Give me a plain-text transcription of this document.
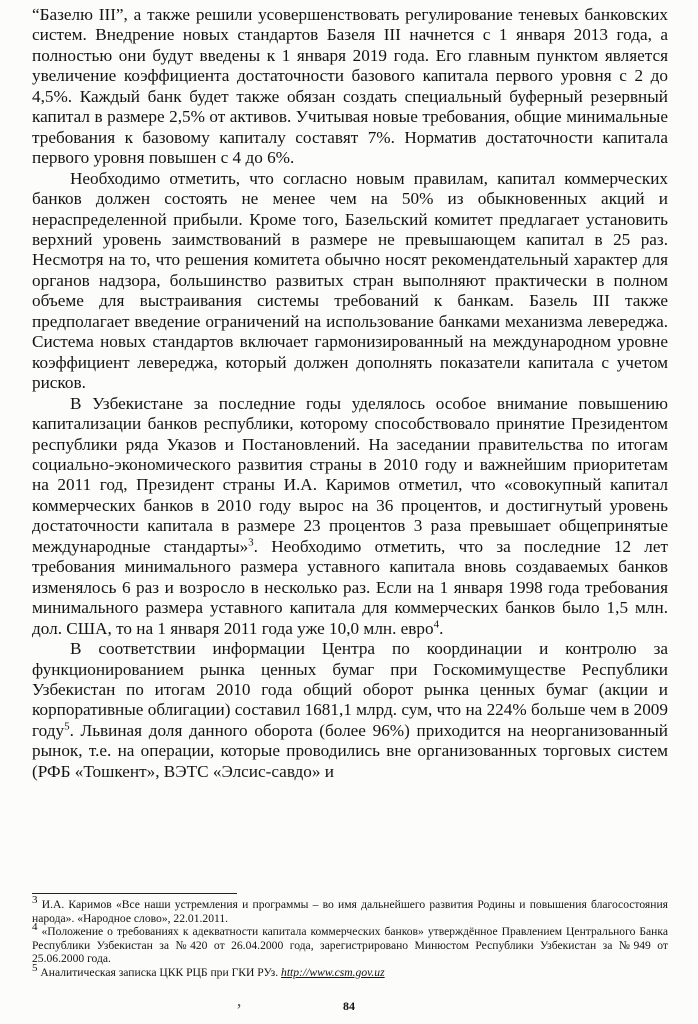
“Базелю III”, а также решили усовершенствовать регулирование теневых банковских систем. Внедрение новых стандартов Базеля III начнется с 1 января 2013 года, а полностью они будут введены к 1 января 2019 года. Его главным пунктом является увеличение коэффициента достаточности базового капитала первого уровня с 2 до 4,5%. Каждый банк будет также обязан создать специальный буферный резервный капитал в размере 2,5% от активов. Учитывая новые требования, общие минимальные требования к базовому капиталу составят 7%. Норматив достаточности капитала первого уровня повышен с 4 до 6%.

Необходимо отметить, что согласно новым правилам, капитал коммерческих банков должен состоять не менее чем на 50% из обыкновенных акций и нераспределенной прибыли. Кроме того, Базельский комитет предлагает установить верхний уровень заимствований в размере не превышающем капитал в 25 раз. Несмотря на то, что решения комитета обычно носят рекомендательный характер для органов надзора, большинство развитых стран выполняют практически в полном объеме для выстраивания системы требований к банкам. Базель III также предполагает введение ограничений на использование банками механизма левереджа. Система новых стандартов включает гармонизированный на международном уровне коэффициент левереджа, который должен дополнять показатели капитала с учетом рисков.

В Узбекистане за последние годы уделялось особое внимание повышению капитализации банков республики, которому способствовало принятие Президентом республики ряда Указов и Постановлений. На заседании правительства по итогам социально-экономического развития страны в 2010 году и важнейшим приоритетам на 2011 год, Президент страны И.А. Каримов отметил, что «совокупный капитал коммерческих банков в 2010 году вырос на 36 процентов, и достигнутый уровень достаточности капитала в размере 23 процентов 3 раза превышает общепринятые международные стандарты»$^3$. Необходимо отметить, что за последние 12 лет требования минимального размера уставного капитала вновь создаваемых банков изменялось 6 раз и возросло в несколько раз. Если на 1 января 1998 года требования минимального размера уставного капитала для коммерческих банков было 1,5 млн. дол. США, то на 1 января 2011 года уже 10,0 млн. евро$^4$.

В соответствии информации Центра по координации и контролю за функционированием рынка ценных бумаг при Госкомимуществе Республики Узбекистан по итогам 2010 года общий оборот рынка ценных бумаг (акции и корпоративные облигации) составил 1681,1 млрд. сум, что на 224% больше чем в 2009 году$^5$. Львиная доля данного оборота (более 96%) приходится на неорганизованный рынок, т.е. на операции, которые проводились вне организованных торговых систем (РФБ «Тошкент», ВЭТС «Элсис-савдо» и

$^3$ И.А. Каримов «Все наши устремления и программы – во имя дальнейшего развития Родины и повышения благосостояния народа». «Народное слово», 22.01.2011.

$^4$ «Положение о требованиях к адекватности капитала коммерческих банков» утверждённое Правлением Центрального Банка Республики Узбекистан за №420 от 26.04.2000 года, зарегистрировано Минюстом Республики Узбекистан за №949 от 25.06.2000 года.

$^5$ Аналитическая записка ЦКК РЦБ при ГКИ РУз. http://www.csm.gov.uz

ʼ	84
